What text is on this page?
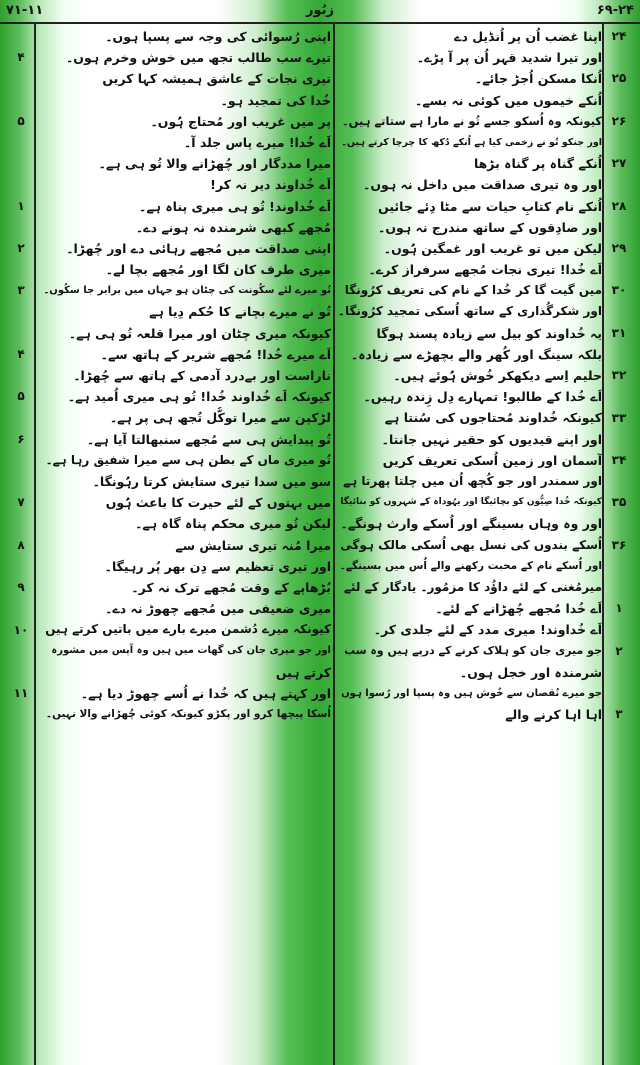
۷۱-۱۱	زبُور	۶۹-۲۴
اپنی رُسوائی کی وجہ سے پسپا ہوں۔
تیرے سب طالب تجھ میں خوش وخرم ہوں۔
تیری نجات کے عاشق ہمیشہ کہا کریں
خُدا کی تمجید ہو۔
پر میں غریب اور مُحتاج ہُوں۔
اَے خُدا! میرے پاس جلد آ۔
میرا مددگار اور چُھڑانے والا تُو ہی ہے۔
اَے خُداوند دیر نہ کر!
اَے خُداوند! تُو ہی میری پناہ ہے۔
مُجھے کبھی شرمندہ نہ ہونے دے۔
اپنی صداقت میں مُجھے رہائی دے اور چُھڑا۔
میری طرف کان لگا اور مُجھے بچا لے۔
تُو میرے لئے سکُونت کی چٹان ہو جہاں میں برابر جا سکُوں۔
تُو نے میرے بچانے کا حُکم دِیا ہے
کیونکہ میری چٹان اور میرا قلعہ تُو ہی ہے۔
اَے میرے خُدا! مُجھے شریر کے ہاتھ سے۔
ناراست اور بےدرد آدمی کے ہاتھ سے چُھڑا۔
کیونکہ اَے خُداوند خُدا! تُو ہی میری اُمید ہے۔
لڑکپن سے میرا توکُّل تُجھ ہی پر ہے۔
تُو پیدایش ہی سے مُجھے سنبھالتا آیا ہے۔
تُو میری ماں کے بطن ہی سے میرا شفیق رہا ہے۔
سو میں سدا تیری ستایش کرتا رہُونگا۔
میں بہتوں کے لئے حیرت کا باعث ہُوں
لیکن تُو میری محکم پناہ گاہ ہے۔
میرا مُنہ تیری ستایش سے
اور تیری تعظیم سے دِن بھر پُر رہیگا۔
بُڑھاپے کے وقت مُجھے ترک نہ کر۔
میری ضعیفی میں مُجھے چھوڑ نہ دے۔
کیونکہ میرے دُشمن میرے بارے میں باتیں کرتے ہیں
اور جو میری جان کی گھات میں ہیں وہ آپس میں مشورہ
کرتے ہیں
اور کہتے ہیں کہ خُدا نے اُسے چھوڑ دیا ہے۔
اُسکا پیچھا کرو اور پکڑو کیونکہ کوئی چُھڑانے والا نہیں۔
اپنا غضب اُن پر اُنڈیل دے
اور تیرا شدید قہر اُن پر آ پڑے۔
اُنکا مسکن اُجڑ جائے۔
اُنکے خیموں میں کوئی نہ بسے۔
کیونکہ وہ اُسکو جسے تُو نے مارا ہے ستاتے ہیں۔
اور جنکو تُو نے زخمی کیا ہے اُنکے دُکھ کا چرچا کرتے ہیں۔
اُنکے گناہ پر گناہ بڑھا
اور وہ تیری صداقت میں داخل نہ ہوں۔
اُنکے نام کتابِ حیات سے مٹا دِئے جائیں
اور صادِقوں کے ساتھ مندرج نہ ہوں۔
لیکن میں تو غریب اور غمگین ہُوں۔
اَے خُدا! تیری نجات مُجھے سرفراز کرے۔
میں گیت گا کر خُدا کے نام کی تعریف کرُونگا
اور شکرگُذاری کے ساتھ اُسکی تمجید کرُونگا۔
یہ خُداوند کو بیل سے زیادہ پسند ہوگا
بلکہ سینگ اور کُھر والے بچھڑے سے زیادہ۔
حلیم اِسے دیکھکر خُوش ہُوئے ہیں۔
اَے خُدا کے طالبو! تمہارے دِل زِندہ رہیں۔
کیونکہ خُداوند مُحتاجوں کی سُنتا ہے
اور اپنے قیدیوں کو حقیر نہیں جانتا۔
آسمان اور زمین اُسکی تعریف کریں
اور سمندر اور جو کُچھ اُن میں چلتا پھرتا ہے
کیونکہ خُدا صِیُّون کو بچائیگا اور یہُوداہ کے شہروں کو بنائیگا
اور وہ وہاں بسینگے اور اُسکے وارث ہونگے۔
اُسکے بندوں کی نسل بھی اُسکی مالک ہوگی
اور اُسکے نام کے محبت رکھنے والے اُس میں بسینگے۔
میرمُغنی کے لئے داؤُد کا مزمُور۔ یادگار کے لئے
اَے خُدا مُجھے چُھڑانے کے لئے۔
اَے خُداوند! میری مدد کے لئے جلدی کر۔
جو میری جان کو ہلاک کرنے کے درپے ہیں وہ سب
شرمندہ اور خجل ہوں۔
جو میرے نُقصان سے خُوش ہیں وہ پسپا اور رُسوا ہوں
اہا اہا کرنے والے
۴
۵
۱
۲
۳
۴
۵
۶
۷
۸
۹
۱۰
۱۱
۲۴
۲۵
۲۶
۲۷
۲۸
۲۹
۳۰
۳۱
۳۲
۳۳
۳۴
۳۵
۳۶
۱
۲
۳
